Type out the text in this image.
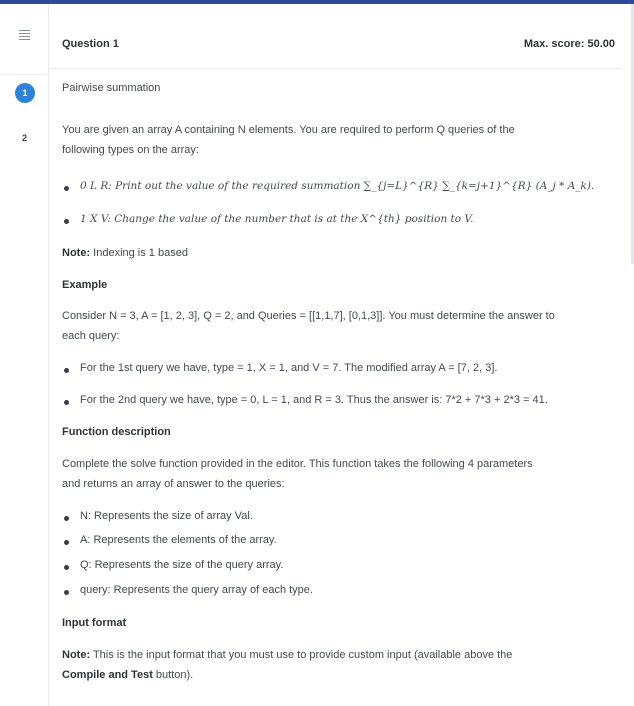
1
2
Question 1	Max. score: 50.00
Pairwise summation
You are given an array A containing N elements. You are required to perform Q queries of the
following types on the array:
0 L R: Print out the value of the required summation ∑_{j=L}^{R} ∑_{k=j+1}^{R} (A_j * A_k).
1 X V: Change the value of the number that is at the X^{th} position to V.
Note: Indexing is 1 based
Example
Consider N = 3, A = [1, 2, 3], Q = 2, and Queries = [[1,1,7], [0,1,3]]. You must determine the answer to
each query:
For the 1st query we have, type = 1, X = 1, and V = 7. The modified array A = [7, 2, 3].
For the 2nd query we have, type = 0, L = 1, and R = 3. Thus the answer is: 7*2 + 7*3 + 2*3 = 41.
Function description
Complete the solve function provided in the editor. This function takes the following 4 parameters
and returns an array of answer to the queries:
N: Represents the size of array Val.
A: Represents the elements of the array.
Q: Represents the size of the query array.
query: Represents the query array of each type.
Input format
Note: This is the input format that you must use to provide custom input (available above the
Compile and Test button).
